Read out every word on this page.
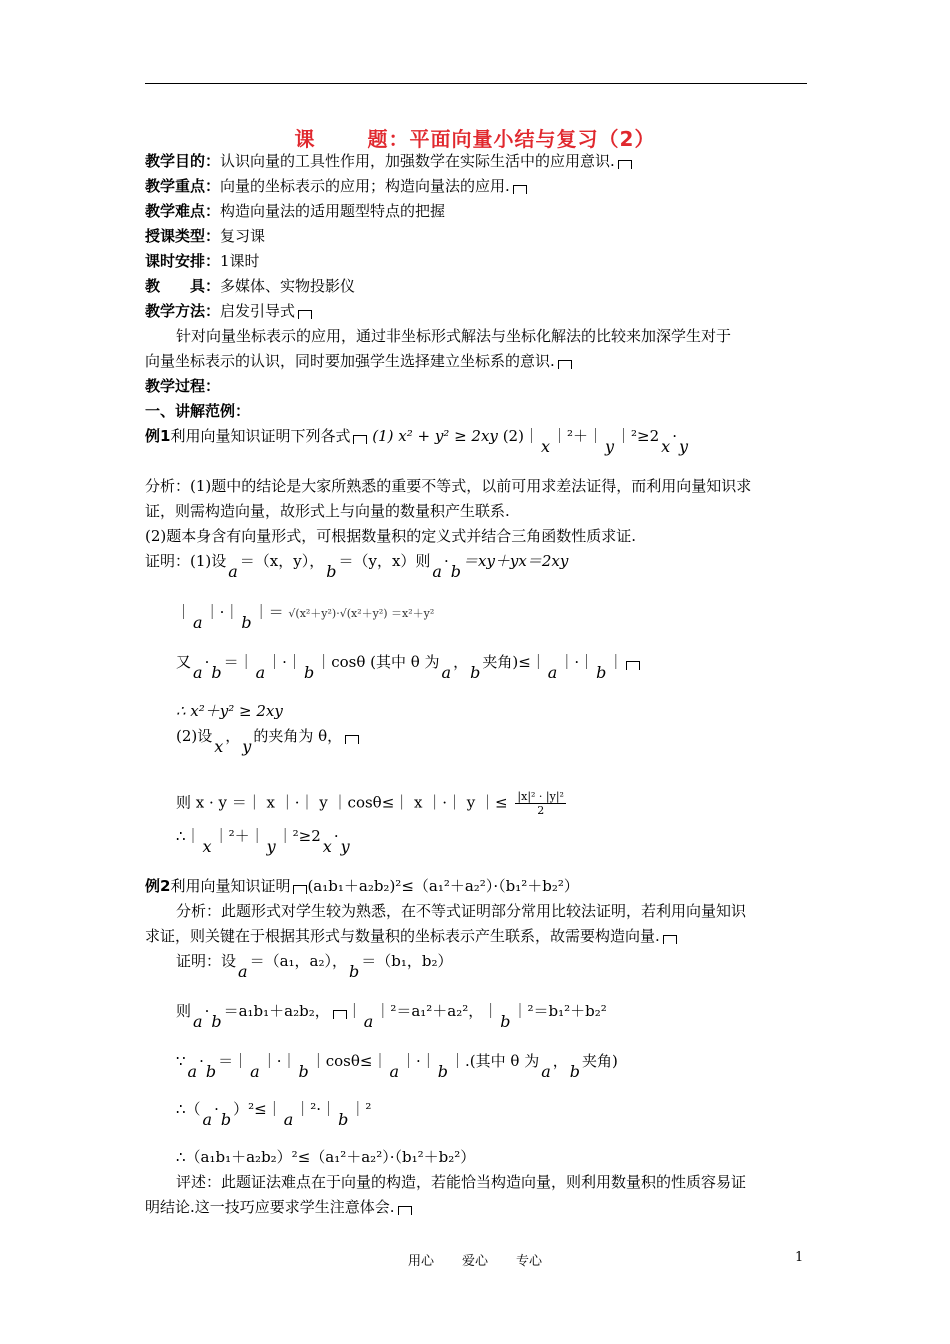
课	题：平面向量小结与复习（2）
教学目的：认识向量的工具性作用，加强数学在实际生活中的应用意识.
教学重点：向量的坐标表示的应用；构造向量法的应用.
教学难点：构造向量法的适用题型特点的把握
授课类型：复习课
课时安排：1课时
教　　具：多媒体、实物投影仪
教学方法：启发引导式
针对向量坐标表示的应用，通过非坐标形式解法与坐标化解法的比较来加深学生对于
向量坐标表示的认识，同时要加强学生选择建立坐标系的意识.
教学过程：
一、讲解范例：
例1利用向量知识证明下列各式 (1) x² + y² ≥ 2xy (2)｜x｜²＋｜y｜²≥2x·y
分析：(1)题中的结论是大家所熟悉的重要不等式，以前可用求差法证得，而利用向量知识求
证，则需构造向量，故形式上与向量的数量积产生联系.
(2)题本身含有向量形式，可根据数量积的定义式并结合三角函数性质求证.
证明：(1)设a＝（x，y），b＝（y，x）则a·b＝xy＋yx＝2xy
｜a｜·｜b｜＝ √(x²＋y²)·√(x²＋y²) ＝x²＋y²
又a·b＝｜a｜·｜b｜cosθ (其中 θ 为a，b夹角)≤｜a｜·｜b｜
∴ x²＋y² ≥ 2xy
(2)设x，y的夹角为 θ，
则 x · y ＝｜ x ｜·｜ y ｜cosθ≤｜ x ｜·｜ y ｜≤ $\frac{\text{|x|² · |y|²}}{2}$
∴｜x｜²＋｜y｜²≥2x·y
例2利用向量知识证明 (a₁b₁＋a₂b₂)²≤（a₁²＋a₂²）·（b₁²＋b₂²）
分析：此题形式对学生较为熟悉，在不等式证明部分常用比较法证明，若利用向量知识
求证，则关键在于根据其形式与数量积的坐标表示产生联系，故需要构造向量.
证明：设a＝（a₁，a₂），b＝（b₁，b₂）
则a·b＝a₁b₁＋a₂b₂， ｜a｜²＝a₁²＋a₂²，｜b｜²＝b₁²＋b₂²
∵a·b＝｜a｜·｜b｜cosθ≤｜a｜·｜b｜.(其中 θ 为a，b夹角)
∴（a·b）²≤｜a｜²·｜b｜²
∴（a₁b₁＋a₂b₂）²≤（a₁²＋a₂²）·（b₁²＋b₂²）
评述：此题证法难点在于向量的构造，若能恰当构造向量，则利用数量积的性质容易证
明结论.这一技巧应要求学生注意体会.
用心 爱心 专心	1
